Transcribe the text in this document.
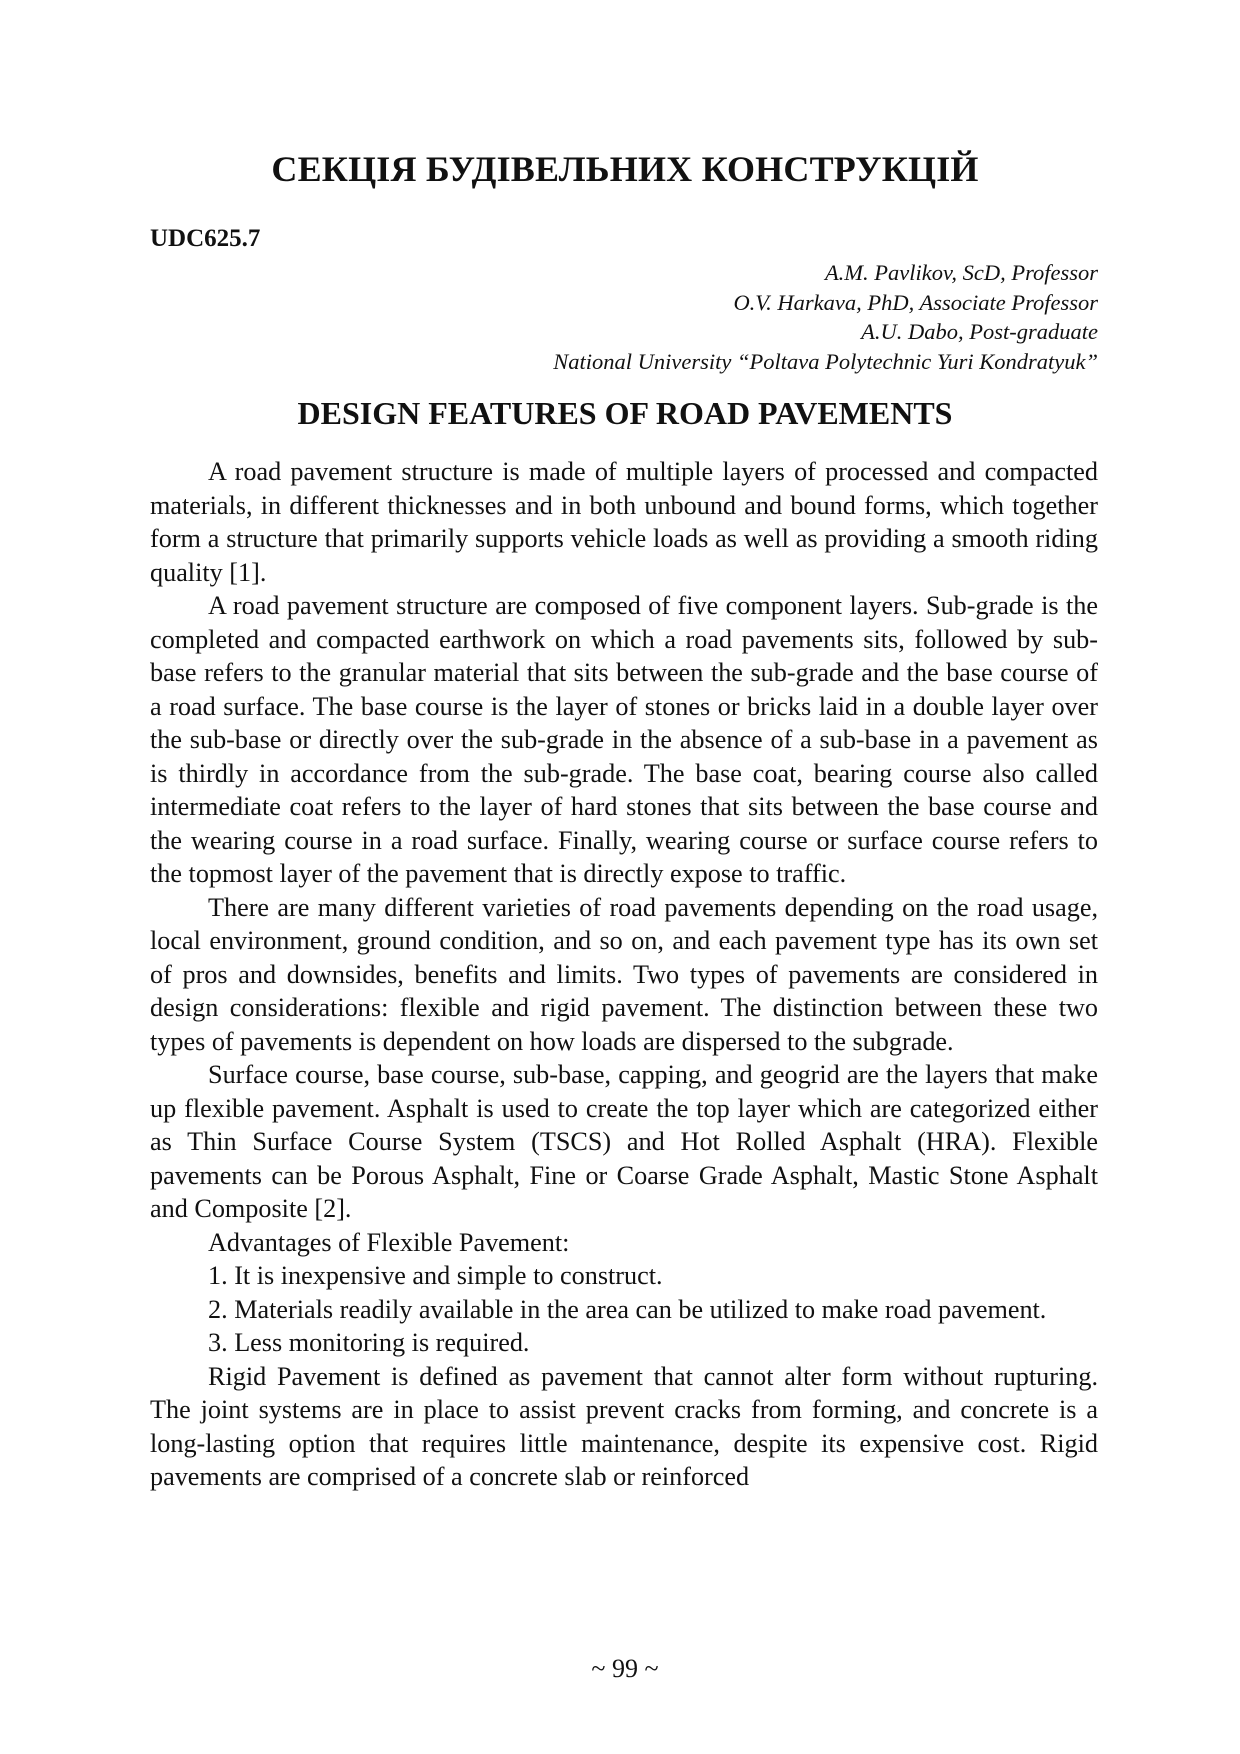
СЕКЦІЯ БУДІВЕЛЬНИХ КОНСТРУКЦІЙ
UDC625.7
A.M. Pavlikov, ScD, Professor
O.V. Harkava, PhD, Associate Professor
A.U. Dabo, Post-graduate
National University “Poltava Polytechnic Yuri Kondratyuk”
DESIGN FEATURES OF ROAD PAVEMENTS

A road pavement structure is made of multiple layers of processed and compacted materials, in different thicknesses and in both unbound and bound forms, which together form a structure that primarily supports vehicle loads as well as providing a smooth riding quality [1].

A road pavement structure are composed of five component layers. Sub-grade is the completed and compacted earthwork on which a road pavements sits, followed by sub-base refers to the granular material that sits between the sub-grade and the base course of a road surface. The base course is the layer of stones or bricks laid in a double layer over the sub-base or directly over the sub-grade in the absence of a sub-base in a pavement as is thirdly in accordance from the sub-grade. The base coat, bearing course also called intermediate coat refers to the layer of hard stones that sits between the base course and the wearing course in a road surface. Finally, wearing course or surface course refers to the topmost layer of the pavement that is directly expose to traffic.

There are many different varieties of road pavements depending on the road usage, local environment, ground condition, and so on, and each pavement type has its own set of pros and downsides, benefits and limits. Two types of pavements are considered in design considerations: flexible and rigid pavement. The distinction between these two types of pavements is dependent on how loads are dispersed to the subgrade.

Surface course, base course, sub-base, capping, and geogrid are the layers that make up flexible pavement. Asphalt is used to create the top layer which are categorized either as Thin Surface Course System (TSCS) and Hot Rolled Asphalt (HRA). Flexible pavements can be Porous Asphalt, Fine or Coarse Grade Asphalt, Mastic Stone Asphalt and Composite [2].

Advantages of Flexible Pavement:

1. It is inexpensive and simple to construct.

2. Materials readily available in the area can be utilized to make road pavement.

3. Less monitoring is required.

Rigid Pavement is defined as pavement that cannot alter form without rupturing. The joint systems are in place to assist prevent cracks from forming, and concrete is a long-lasting option that requires little maintenance, despite its expensive cost. Rigid pavements are comprised of a concrete slab or reinforced

~ 99 ~
